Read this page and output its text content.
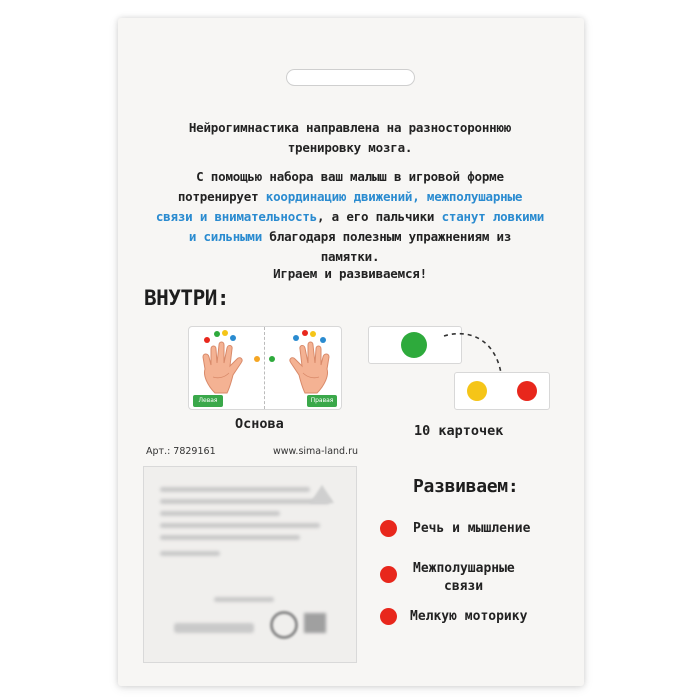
Нейрогимнастика направлена на разностороннюю
тренировку мозга.
С помощью набора ваш малыш в игровой форме
потренирует координацию движений, межполушарные
связи и внимательность, а его пальчики станут ловкими
и сильными благодаря полезным упражнениям из
памятки.
Играем и развиваемся!
ВНУТРИ:
Левая	Правая
Основа	10 карточек
Арт.: 7829161	www.sima-land.ru
Развиваем:
Речь и мышление
Межполушарные
связи
Мелкую моторику
